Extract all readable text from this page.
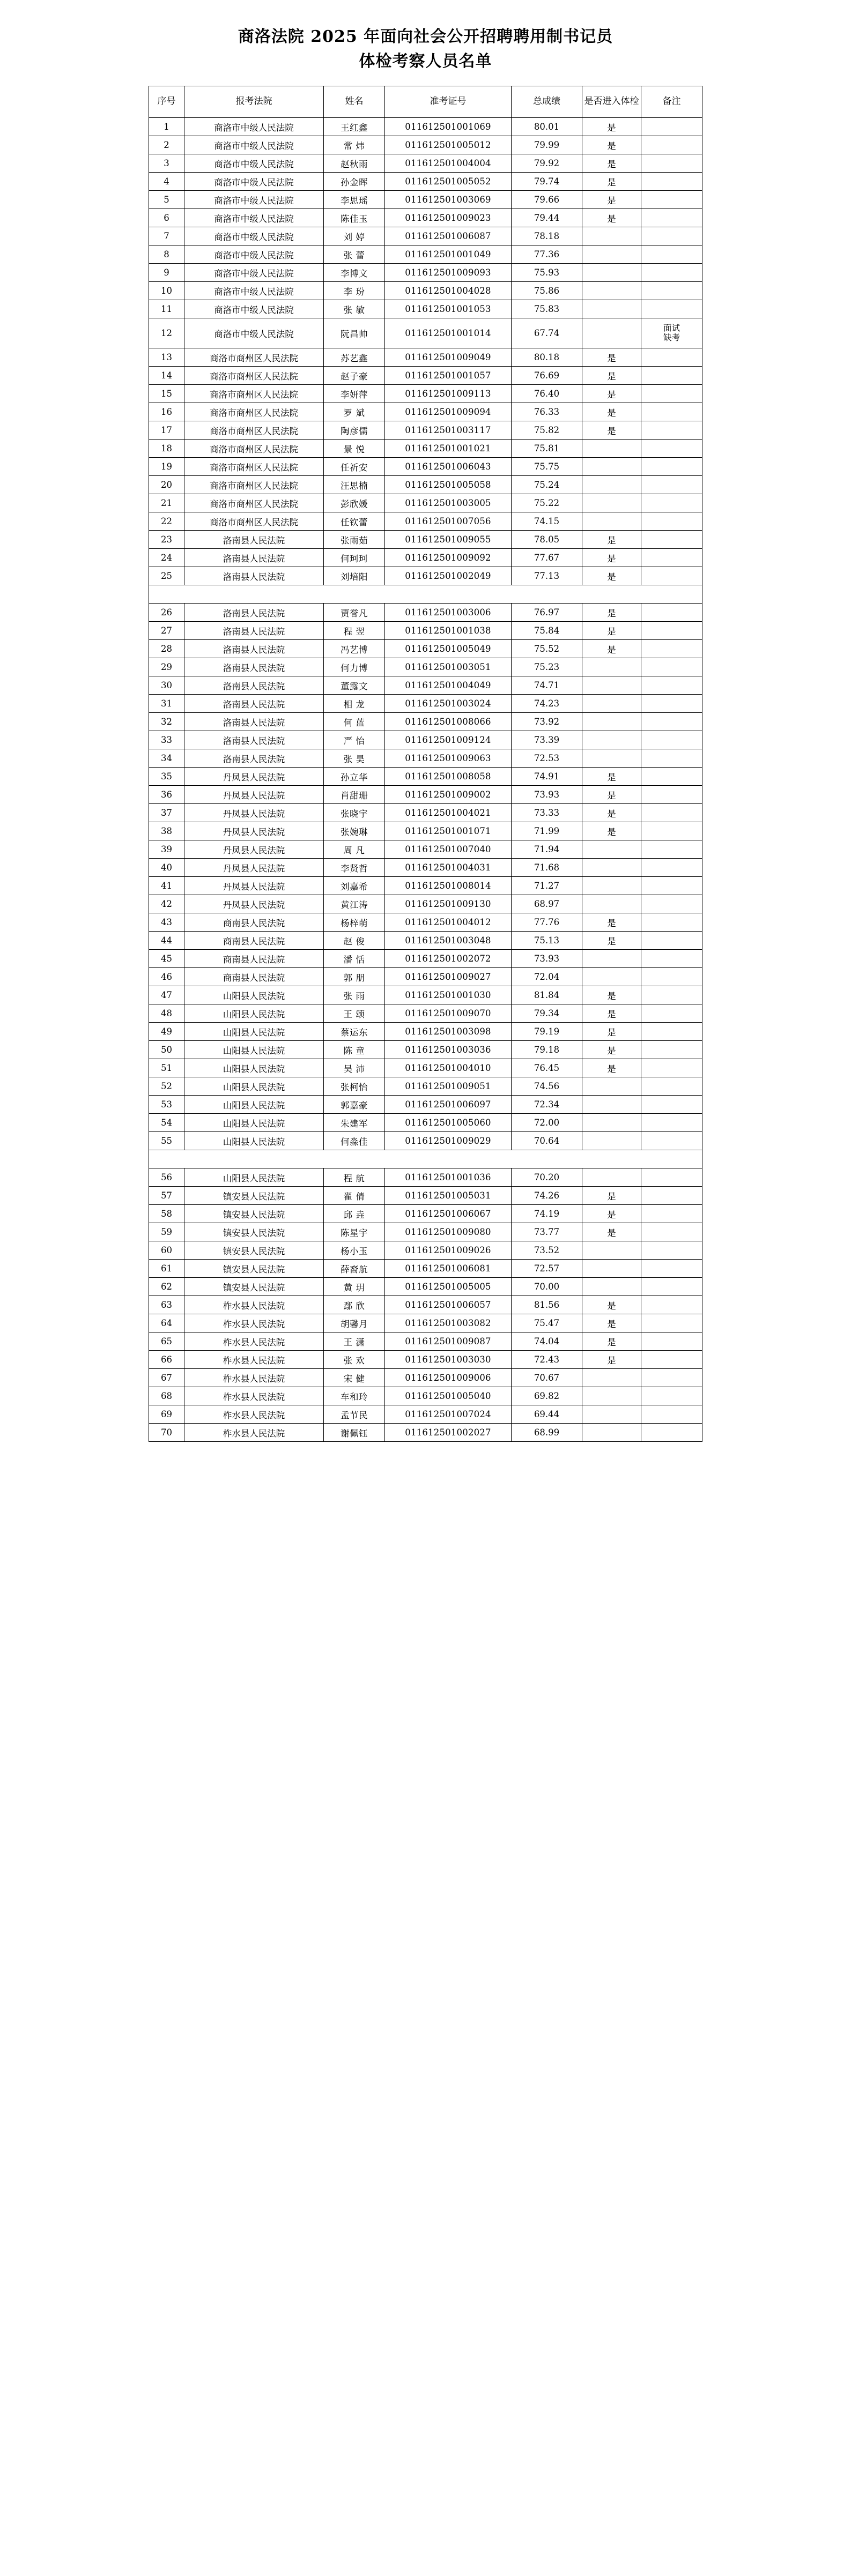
商洛法院 2025 年面向社会公开招聘聘用制书记员
体检考察人员名单
序号	报考法院	姓名	准考证号	总成绩	是否进入体检	备注
1	商洛市中级人民法院	王红鑫	011612501001069	80.01	是	
2	商洛市中级人民法院	常 炜	011612501005012	79.99	是	
3	商洛市中级人民法院	赵秋雨	011612501004004	79.92	是	
4	商洛市中级人民法院	孙金晖	011612501005052	79.74	是	
5	商洛市中级人民法院	李思瑶	011612501003069	79.66	是	
6	商洛市中级人民法院	陈佳玉	011612501009023	79.44	是	
7	商洛市中级人民法院	刘 婷	011612501006087	78.18		
8	商洛市中级人民法院	张 蕾	011612501001049	77.36		
9	商洛市中级人民法院	李博文	011612501009093	75.93		
10	商洛市中级人民法院	李 玢	011612501004028	75.86		
11	商洛市中级人民法院	张 敏	011612501001053	75.83		
12	商洛市中级人民法院	阮昌帅	011612501001014	67.74		面试
缺考

13	商洛市商州区人民法院	苏艺鑫	011612501009049	80.18	是	
14	商洛市商州区人民法院	赵子豪	011612501001057	76.69	是	
15	商洛市商州区人民法院	李妍萍	011612501009113	76.40	是	
16	商洛市商州区人民法院	罗 斌	011612501009094	76.33	是	
17	商洛市商州区人民法院	陶彦儒	011612501003117	75.82	是	
18	商洛市商州区人民法院	景 悦	011612501001021	75.81		
19	商洛市商州区人民法院	任祈安	011612501006043	75.75		
20	商洛市商州区人民法院	汪思楠	011612501005058	75.24		
21	商洛市商州区人民法院	彭欣媛	011612501003005	75.22		
22	商洛市商州区人民法院	任钦蕾	011612501007056	74.15		
23	洛南县人民法院	张雨茹	011612501009055	78.05	是	
24	洛南县人民法院	何珂珂	011612501009092	77.67	是	
25	洛南县人民法院	刘培阳	011612501002049	77.13	是	

26	洛南县人民法院	贾誉凡	011612501003006	76.97	是	
27	洛南县人民法院	程 翌	011612501001038	75.84	是	
28	洛南县人民法院	冯艺博	011612501005049	75.52	是	
29	洛南县人民法院	何力博	011612501003051	75.23		
30	洛南县人民法院	董露文	011612501004049	74.71		
31	洛南县人民法院	相 龙	011612501003024	74.23		
32	洛南县人民法院	何 蓝	011612501008066	73.92		
33	洛南县人民法院	严 怡	011612501009124	73.39		
34	洛南县人民法院	张 昊	011612501009063	72.53		
35	丹凤县人民法院	孙立华	011612501008058	74.91	是	
36	丹凤县人民法院	肖甜珊	011612501009002	73.93	是	
37	丹凤县人民法院	张晓宇	011612501004021	73.33	是	
38	丹凤县人民法院	张婉琳	011612501001071	71.99	是	
39	丹凤县人民法院	周 凡	011612501007040	71.94		
40	丹凤县人民法院	李贤哲	011612501004031	71.68		
41	丹凤县人民法院	刘嘉希	011612501008014	71.27		
42	丹凤县人民法院	黄江涛	011612501009130	68.97		
43	商南县人民法院	杨梓萌	011612501004012	77.76	是	
44	商南县人民法院	赵 俊	011612501003048	75.13	是	
45	商南县人民法院	潘 恬	011612501002072	73.93		
46	商南县人民法院	郭 朋	011612501009027	72.04		
47	山阳县人民法院	张 雨	011612501001030	81.84	是	
48	山阳县人民法院	王 颂	011612501009070	79.34	是	
49	山阳县人民法院	蔡运东	011612501003098	79.19	是	
50	山阳县人民法院	陈 童	011612501003036	79.18	是	
51	山阳县人民法院	吴 沛	011612501004010	76.45	是	
52	山阳县人民法院	张柯怡	011612501009051	74.56		
53	山阳县人民法院	郭嘉豪	011612501006097	72.34		
54	山阳县人民法院	朱建军	011612501005060	72.00		
55	山阳县人民法院	何淼佳	011612501009029	70.64		

56	山阳县人民法院	程 航	011612501001036	70.20		
57	镇安县人民法院	翟 倩	011612501005031	74.26	是	
58	镇安县人民法院	邱 垚	011612501006067	74.19	是	
59	镇安县人民法院	陈星宇	011612501009080	73.77	是	
60	镇安县人民法院	杨小玉	011612501009026	73.52		
61	镇安县人民法院	薛裔航	011612501006081	72.57		
62	镇安县人民法院	黄 玥	011612501005005	70.00		
63	柞水县人民法院	鄢 欣	011612501006057	81.56	是	
64	柞水县人民法院	胡馨月	011612501003082	75.47	是	
65	柞水县人民法院	王 潇	011612501009087	74.04	是	
66	柞水县人民法院	张 欢	011612501003030	72.43	是	
67	柞水县人民法院	宋 健	011612501009006	70.67		
68	柞水县人民法院	车和玲	011612501005040	69.82		
69	柞水县人民法院	孟节民	011612501007024	69.44		
70	柞水县人民法院	谢佩钰	011612501002027	68.99		
